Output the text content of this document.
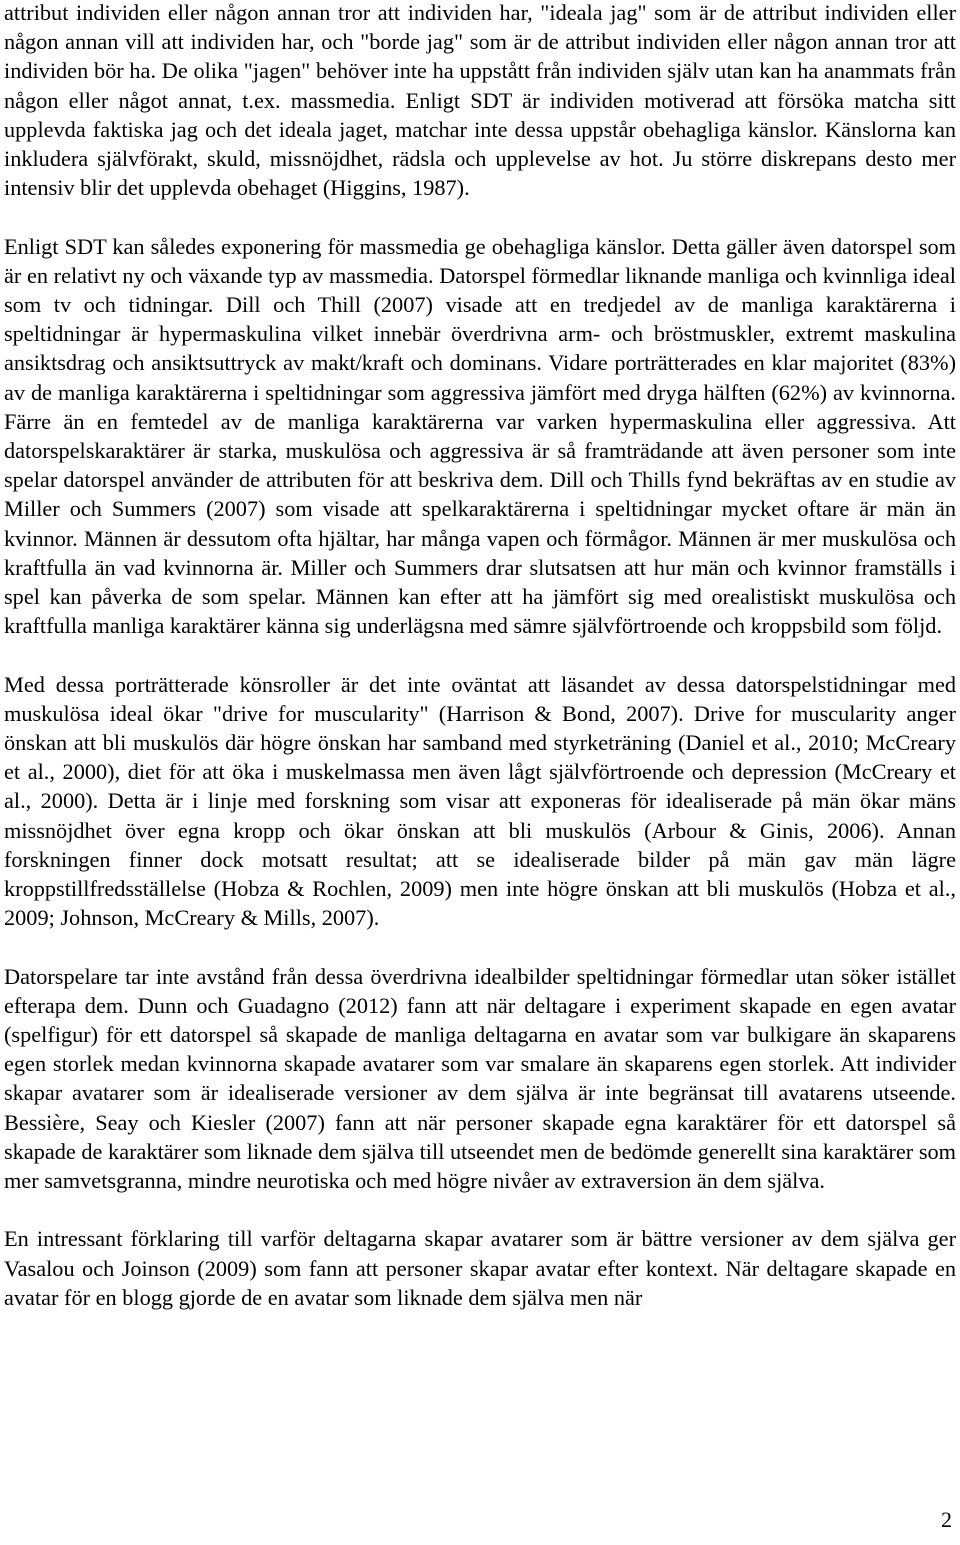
attribut individen eller någon annan tror att individen har, "ideala jag" som är de attribut individen eller någon annan vill att individen har, och "borde jag" som är de attribut individen eller någon annan tror att individen bör ha. De olika "jagen" behöver inte ha uppstått från individen själv utan kan ha anammats från någon eller något annat, t.ex. massmedia. Enligt SDT är individen motiverad att försöka matcha sitt upplevda faktiska jag och det ideala jaget, matchar inte dessa uppstår obehagliga känslor. Känslorna kan inkludera självförakt, skuld, missnöjdhet, rädsla och upplevelse av hot. Ju större diskrepans desto mer intensiv blir det upplevda obehaget (Higgins, 1987).

Enligt SDT kan således exponering för massmedia ge obehagliga känslor. Detta gäller även datorspel som är en relativt ny och växande typ av massmedia. Datorspel förmedlar liknande manliga och kvinnliga ideal som tv och tidningar. Dill och Thill (2007) visade att en tredjedel av de manliga karaktärerna i speltidningar är hypermaskulina vilket innebär överdrivna arm- och bröstmuskler, extremt maskulina ansiktsdrag och ansiktsuttryck av makt/kraft och dominans. Vidare porträtterades en klar majoritet (83%) av de manliga karaktärerna i speltidningar som aggressiva jämfört med dryga hälften (62%) av kvinnorna. Färre än en femtedel av de manliga karaktärerna var varken hypermaskulina eller aggressiva. Att datorspelskaraktärer är starka, muskulösa och aggressiva är så framträdande att även personer som inte spelar datorspel använder de attributen för att beskriva dem. Dill och Thills fynd bekräftas av en studie av Miller och Summers (2007) som visade att spelkaraktärerna i speltidningar mycket oftare är män än kvinnor. Männen är dessutom ofta hjältar, har många vapen och förmågor. Männen är mer muskulösa och kraftfulla än vad kvinnorna är. Miller och Summers drar slutsatsen att hur män och kvinnor framställs i spel kan påverka de som spelar. Männen kan efter att ha jämfört sig med orealistiskt muskulösa och kraftfulla manliga karaktärer känna sig underlägsna med sämre självförtroende och kroppsbild som följd.

Med dessa porträtterade könsroller är det inte oväntat att läsandet av dessa datorspelstidningar med muskulösa ideal ökar "drive for muscularity" (Harrison & Bond, 2007). Drive for muscularity anger önskan att bli muskulös där högre önskan har samband med styrketräning (Daniel et al., 2010; McCreary et al., 2000), diet för att öka i muskelmassa men även lågt självförtroende och depression (McCreary et al., 2000). Detta är i linje med forskning som visar att exponeras för idealiserade på män ökar mäns missnöjdhet över egna kropp och ökar önskan att bli muskulös (Arbour & Ginis, 2006). Annan forskningen finner dock motsatt resultat; att se idealiserade bilder på män gav män lägre kroppstillfredsställelse (Hobza & Rochlen, 2009) men inte högre önskan att bli muskulös (Hobza et al., 2009; Johnson, McCreary & Mills, 2007).

Datorspelare tar inte avstånd från dessa överdrivna idealbilder speltidningar förmedlar utan söker istället efterapa dem. Dunn och Guadagno (2012) fann att när deltagare i experiment skapade en egen avatar (spelfigur) för ett datorspel så skapade de manliga deltagarna en avatar som var bulkigare än skaparens egen storlek medan kvinnorna skapade avatarer som var smalare än skaparens egen storlek. Att individer skapar avatarer som är idealiserade versioner av dem själva är inte begränsat till avatarens utseende. Bessière, Seay och Kiesler (2007) fann att när personer skapade egna karaktärer för ett datorspel så skapade de karaktärer som liknade dem själva till utseendet men de bedömde generellt sina karaktärer som mer samvetsgranna, mindre neurotiska och med högre nivåer av extraversion än dem själva.

En intressant förklaring till varför deltagarna skapar avatarer som är bättre versioner av dem själva ger Vasalou och Joinson (2009) som fann att personer skapar avatar efter kontext. När deltagare skapade en avatar för en blogg gjorde de en avatar som liknade dem själva men när

2
